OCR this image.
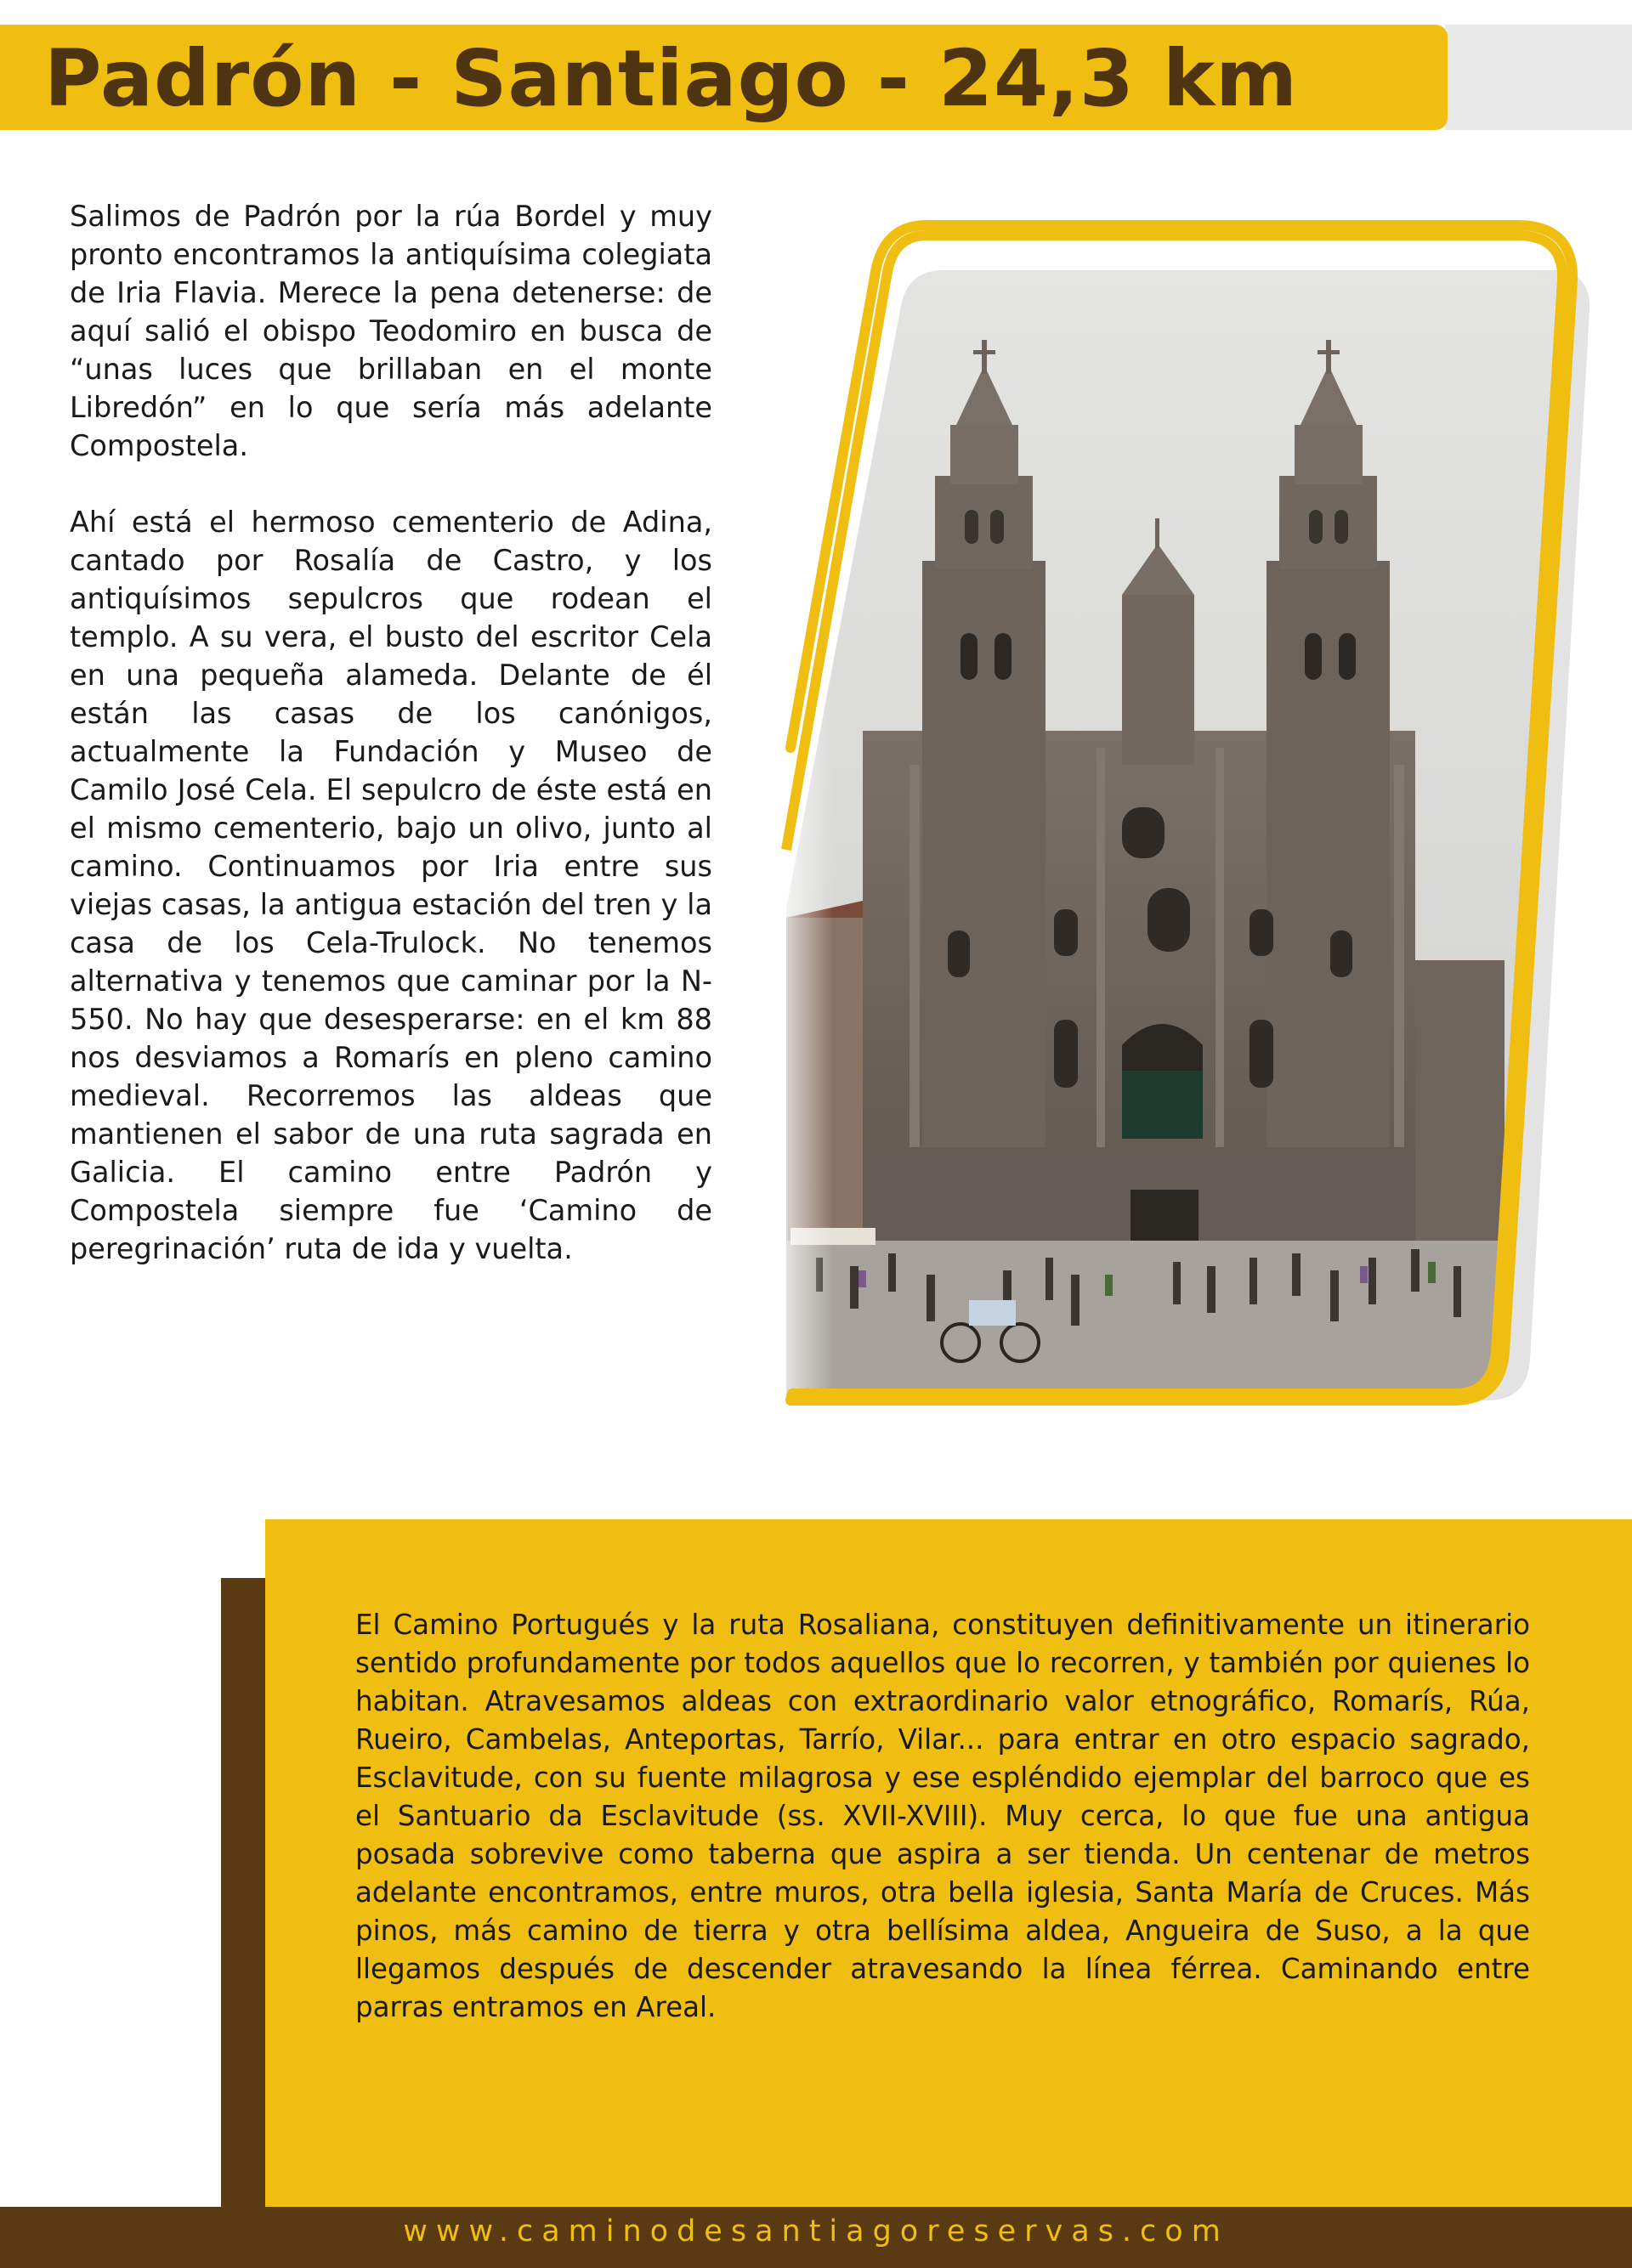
Padrón - Santiago - 24,3 km

Salimos de Padrón por la rúa Bordel y muy pronto encontramos la antiquísima colegiata de Iria Flavia. Merece la pena detenerse: de aquí salió el obispo Teodomiro en busca de “unas luces que brillaban en el monte Libredón” en lo que sería más adelante Compostela.

Ahí está el hermoso cementerio de Adina, cantado por Rosalía de Castro, y los antiquísimos sepulcros que rodean el templo. A su vera, el busto del escritor Cela en una pequeña alameda. Delante de él están las casas de los canónigos, actualmente la Fundación y Museo de Camilo José Cela. El sepulcro de éste está en el mismo cementerio, bajo un olivo, junto al camino. Continuamos por Iria entre sus viejas casas, la antigua estación del tren y la casa de los Cela-Trulock. No tenemos alternativa y tenemos que caminar por la N-550. No hay que desesperarse: en el km 88 nos desviamos a Romarís en pleno camino medieval. Recorremos las aldeas que mantienen el sabor de una ruta sagrada en Galicia. El camino entre Padrón y Compostela siempre fue ‘Camino de peregrinación’ ruta de ida y vuelta.

El Camino Portugués y la ruta Rosaliana, constituyen definitivamente un itinerario sentido profundamente por todos aquellos que lo recorren, y también por quienes lo habitan. Atravesamos aldeas con extraordinario valor etnográfico, Romarís, Rúa, Rueiro, Cambelas, Anteportas, Tarrío, Vilar... para entrar en otro espacio sagrado, Esclavitude, con su fuente milagrosa y ese espléndido ejemplar del barroco que es el Santuario da Esclavitude (ss. XVII-XVIII). Muy cerca, lo que fue una antigua posada sobrevive como taberna que aspira a ser tienda. Un centenar de metros adelante encontramos, entre muros, otra bella iglesia, Santa María de Cruces. Más pinos, más camino de tierra y otra bellísima aldea, Angueira de Suso, a la que llegamos después de descender atravesando la línea férrea. Caminando entre parras entramos en Areal.

www.caminodesantiagoreservas.com
